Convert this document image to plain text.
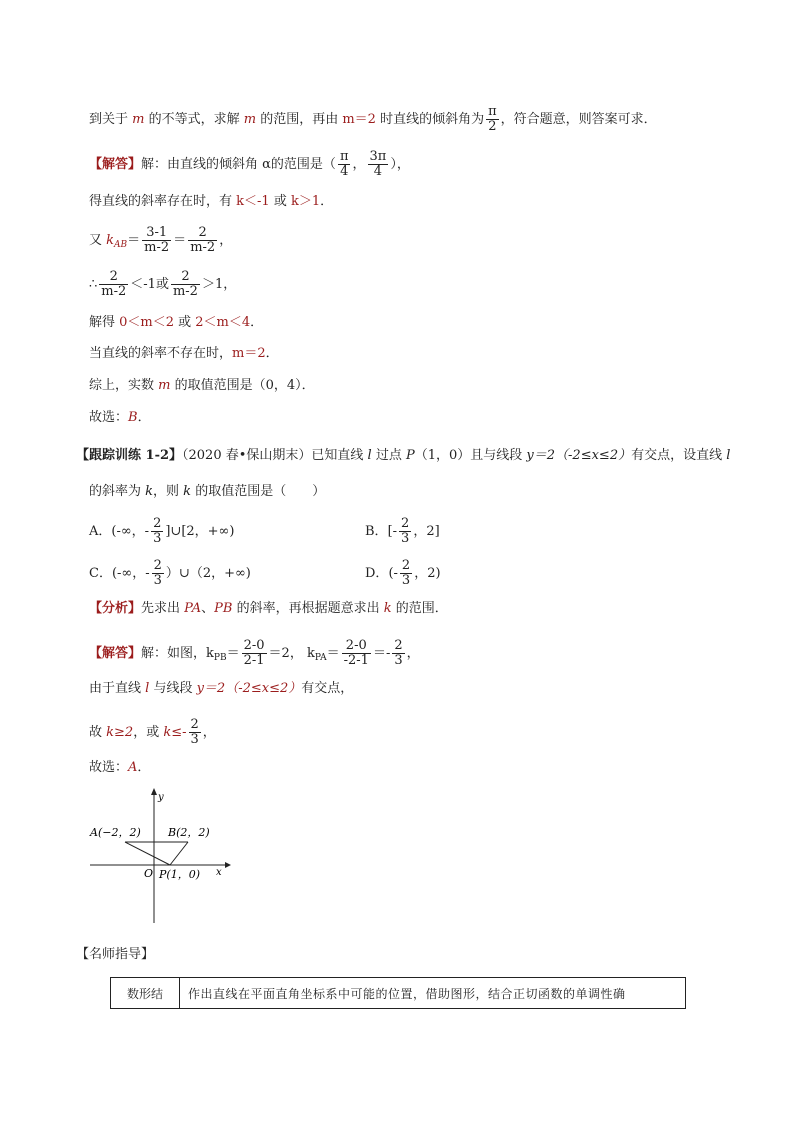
到关于 m 的不等式，求解 m 的范围，再由 m＝2 时直线的倾斜角为 $\frac{\pi}{2}$ ，符合题意，则答案可求．
【解答】解：由直线的倾斜角 α的范围是（ $\frac{\pi}{4}$ ， $\frac{3\pi}{4}$ ），
得直线的斜率存在时，有 k＜-1 或 k＞1．
又 $k_{AB}= \frac{3-1}{m-2} = \frac{2}{m-2}$ ，
∴ $\frac{2}{m-2} <-1$或 $\frac{2}{m-2} >1$，
解得 0＜m＜2 或 2＜m＜4．
当直线的斜率不存在时，m＝2．
综上，实数 m 的取值范围是（0，4）．
故选：B．
【跟踪训练 1-2】（2020 春•保山期末）已知直线 l 过点 P（1，0）且与线段 y＝2（-2≤x≤2）有交点，设直线 l
的斜率为 k，则 k 的取值范围是（　　）
A．(-∞，- $\frac{2}{3}$ ]∪[2，+∞)	B．[- $\frac{2}{3}$ ，2]
C．(-∞，- $\frac{2}{3}$ ）∪（2，+∞)	D．(- $\frac{2}{3}$ ，2)
【分析】先求出 PA、PB 的斜率，再根据题意求出 k 的范围．
【解答】解：如图，$k_{PB}= \frac{2-0}{2-1} =2$， $k_{PA}= \frac{2-0}{-2-1} =- \frac{2}{3}$ ，
由于直线 l 与线段 y＝2（-2≤x≤2）有交点，
故 k≥2，或 $k\le- \frac{2}{3}$ ，
故选：A．
A(−2，2) B(2，2)
O P(1，0) x
y
【名师指导】
数形结	作出直线在平面直角坐标系中可能的位置，借助图形，结合正切函数的单调性确
